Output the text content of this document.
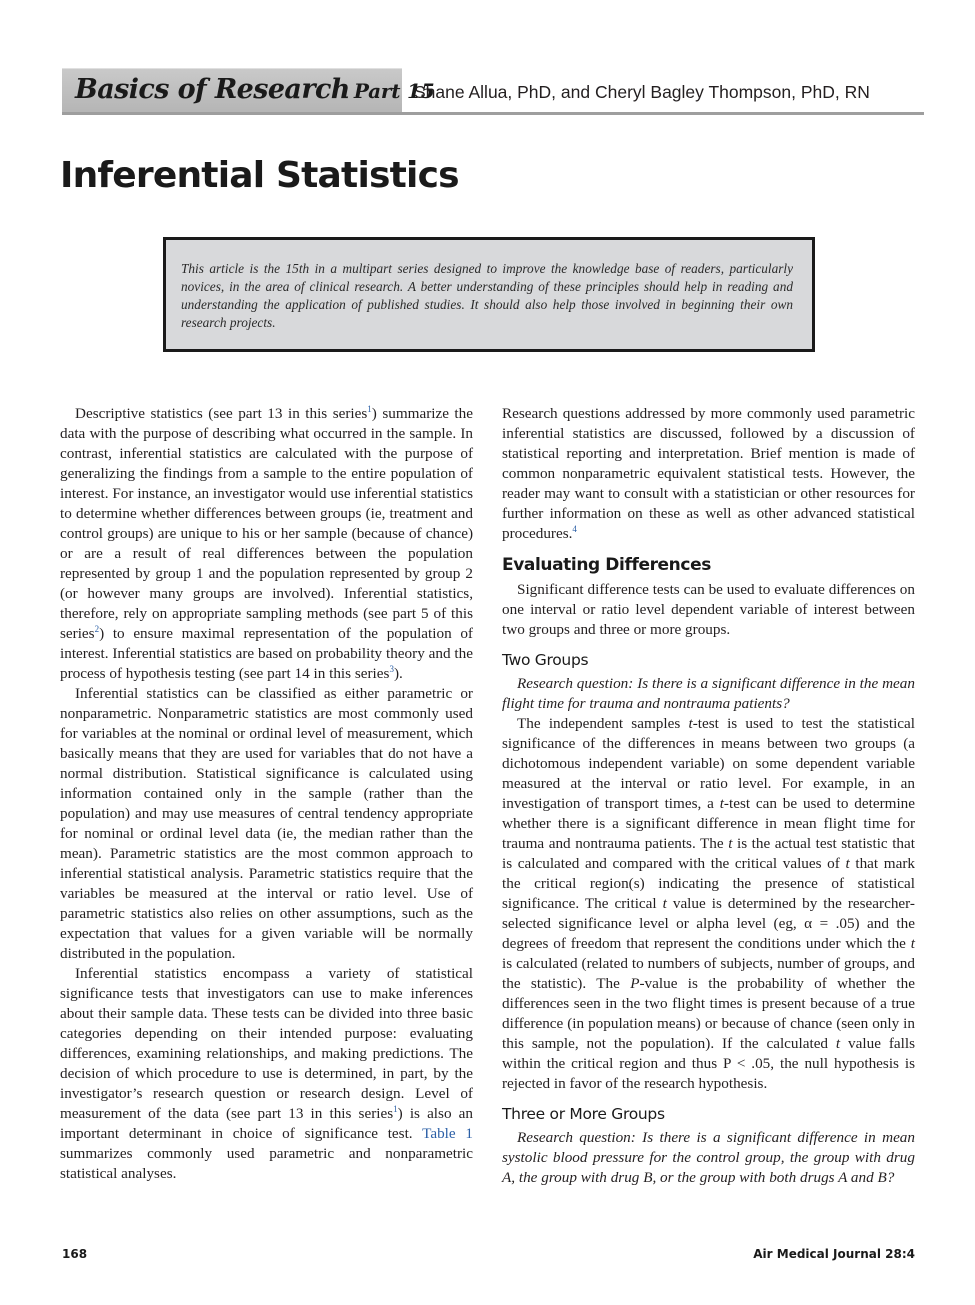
Basics of Research Part 15
Shane Allua, PhD, and Cheryl Bagley Thompson, PhD, RN
Inferential Statistics

This article is the 15th in a multipart series designed to improve the knowledge base of readers, particularly novices, in the area of clinical research. A better understanding of these principles should help in reading and understanding the application of published studies. It should also help those involved in beginning their own research projects.

Descriptive statistics (see part 13 in this series$^1$) summarize the data with the purpose of describing what occurred in the sample. In contrast, inferential statistics are calculated with the purpose of generalizing the findings from a sample to the entire population of interest. For instance, an investigator would use inferential statistics to determine whether differences between groups (ie, treatment and control groups) are unique to his or her sample (because of chance) or are a result of real differences between the population represented by group 1 and the population represented by group 2 (or however many groups are involved). Inferential statistics, therefore, rely on appropriate sampling methods (see part 5 of this series$^2$) to ensure maximal representation of the population of interest. Inferential statistics are based on probability theory and the process of hypothesis testing (see part 14 in this series$^3$).

Inferential statistics can be classified as either parametric or nonparametric. Nonparametric statistics are most commonly used for variables at the nominal or ordinal level of measurement, which basically means that they are used for variables that do not have a normal distribution. Statistical significance is calculated using information contained only in the sample (rather than the population) and may use measures of central tendency appropriate for nominal or ordinal level data (ie, the median rather than the mean). Parametric statistics are the most common approach to inferential statistical analysis. Parametric statistics require that the variables be measured at the interval or ratio level. Use of parametric statistics also relies on other assumptions, such as the expectation that values for a given variable will be normally distributed in the population.

Inferential statistics encompass a variety of statistical significance tests that investigators can use to make inferences about their sample data. These tests can be divided into three basic categories depending on their intended purpose: evaluating differences, examining relationships, and making predictions. The decision of which procedure to use is determined, in part, by the investigator’s research question or research design. Level of measurement of the data (see part 13 in this series$^1$) is also an important determinant in choice of significance test. Table 1 summarizes commonly used parametric and nonparametric statistical analyses.

Research questions addressed by more commonly used parametric inferential statistics are discussed, followed by a discussion of statistical reporting and interpretation. Brief mention is made of common nonparametric equivalent statistical tests. However, the reader may want to consult with a statistician or other resources for further information on these as well as other advanced statistical procedures.$^4$

Evaluating Differences

Significant difference tests can be used to evaluate differences on one interval or ratio level dependent variable of interest between two groups and three or more groups.

Two Groups

Research question: Is there is a significant difference in the mean flight time for trauma and nontrauma patients?

The independent samples t-test is used to test the statistical significance of the differences in means between two groups (a dichotomous independent variable) on some dependent variable measured at the interval or ratio level. For example, in an investigation of transport times, a t-test can be used to determine whether there is a significant difference in mean flight time for trauma and nontrauma patients. The t is the actual test statistic that is calculated and compared with the critical values of t that mark the critical region(s) indicating the presence of statistical significance. The critical t value is determined by the researcher-selected significance level or alpha level (eg, α = .05) and the degrees of freedom that represent the conditions under which the t is calculated (related to numbers of subjects, number of groups, and the statistic). The P-value is the probability of whether the differences seen in the two flight times is present because of a true difference (in population means) or because of chance (seen only in this sample, not the population). If the calculated t value falls within the critical region and thus P < .05, the null hypothesis is rejected in favor of the research hypothesis.

Three or More Groups

Research question: Is there is a significant difference in mean systolic blood pressure for the control group, the group with drug A, the group with drug B, or the group with both drugs A and B?

168	Air Medical Journal 28:4
